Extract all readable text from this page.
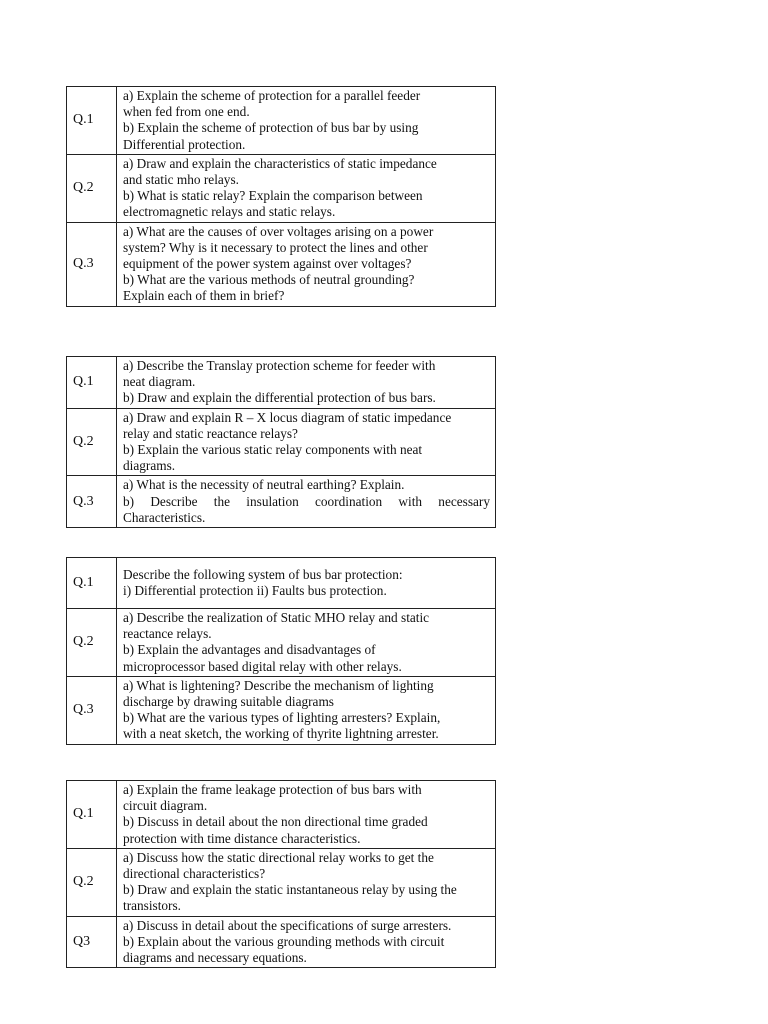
Q.1	a) Explain the scheme of protection for a parallel feeder
when fed from one end.
b) Explain the scheme of protection of bus bar by using
Differential protection.

Q.2	a) Draw and explain the characteristics of static impedance
and static mho relays.
b) What is static relay? Explain the comparison between
electromagnetic relays and static relays.

Q.3	a) What are the causes of over voltages arising on a power
system? Why is it necessary to protect the lines and other
equipment of the power system against over voltages?
b) What are the various methods of neutral grounding?
Explain each of them in brief?
Q.1	a) Describe the Translay protection scheme for feeder with
neat diagram.
b) Draw and explain the differential protection of bus bars.

Q.2	a) Draw and explain R – X locus diagram of static impedance
relay and static reactance relays?
b) Explain the various static relay components with neat
diagrams.

Q.3	a) What is the necessity of neutral earthing? Explain.
b) Describe the insulation coordination with necessary
Characteristics.
Q.1	Describe the following system of bus bar protection:
i) Differential protection ii) Faults bus protection.

Q.2	a) Describe the realization of Static MHO relay and static
reactance relays.
b) Explain the advantages and disadvantages of
microprocessor based digital relay with other relays.

Q.3	a) What is lightening? Describe the mechanism of lighting
discharge by drawing suitable diagrams
b) What are the various types of lighting arresters? Explain,
with a neat sketch, the working of thyrite lightning arrester.
Q.1	a) Explain the frame leakage protection of bus bars with
circuit diagram.
b) Discuss in detail about the non directional time graded
protection with time distance characteristics.

Q.2	a) Discuss how the static directional relay works to get the
directional characteristics?
b) Draw and explain the static instantaneous relay by using the
transistors.

Q3	a) Discuss in detail about the specifications of surge arresters.
b) Explain about the various grounding methods with circuit
diagrams and necessary equations.
